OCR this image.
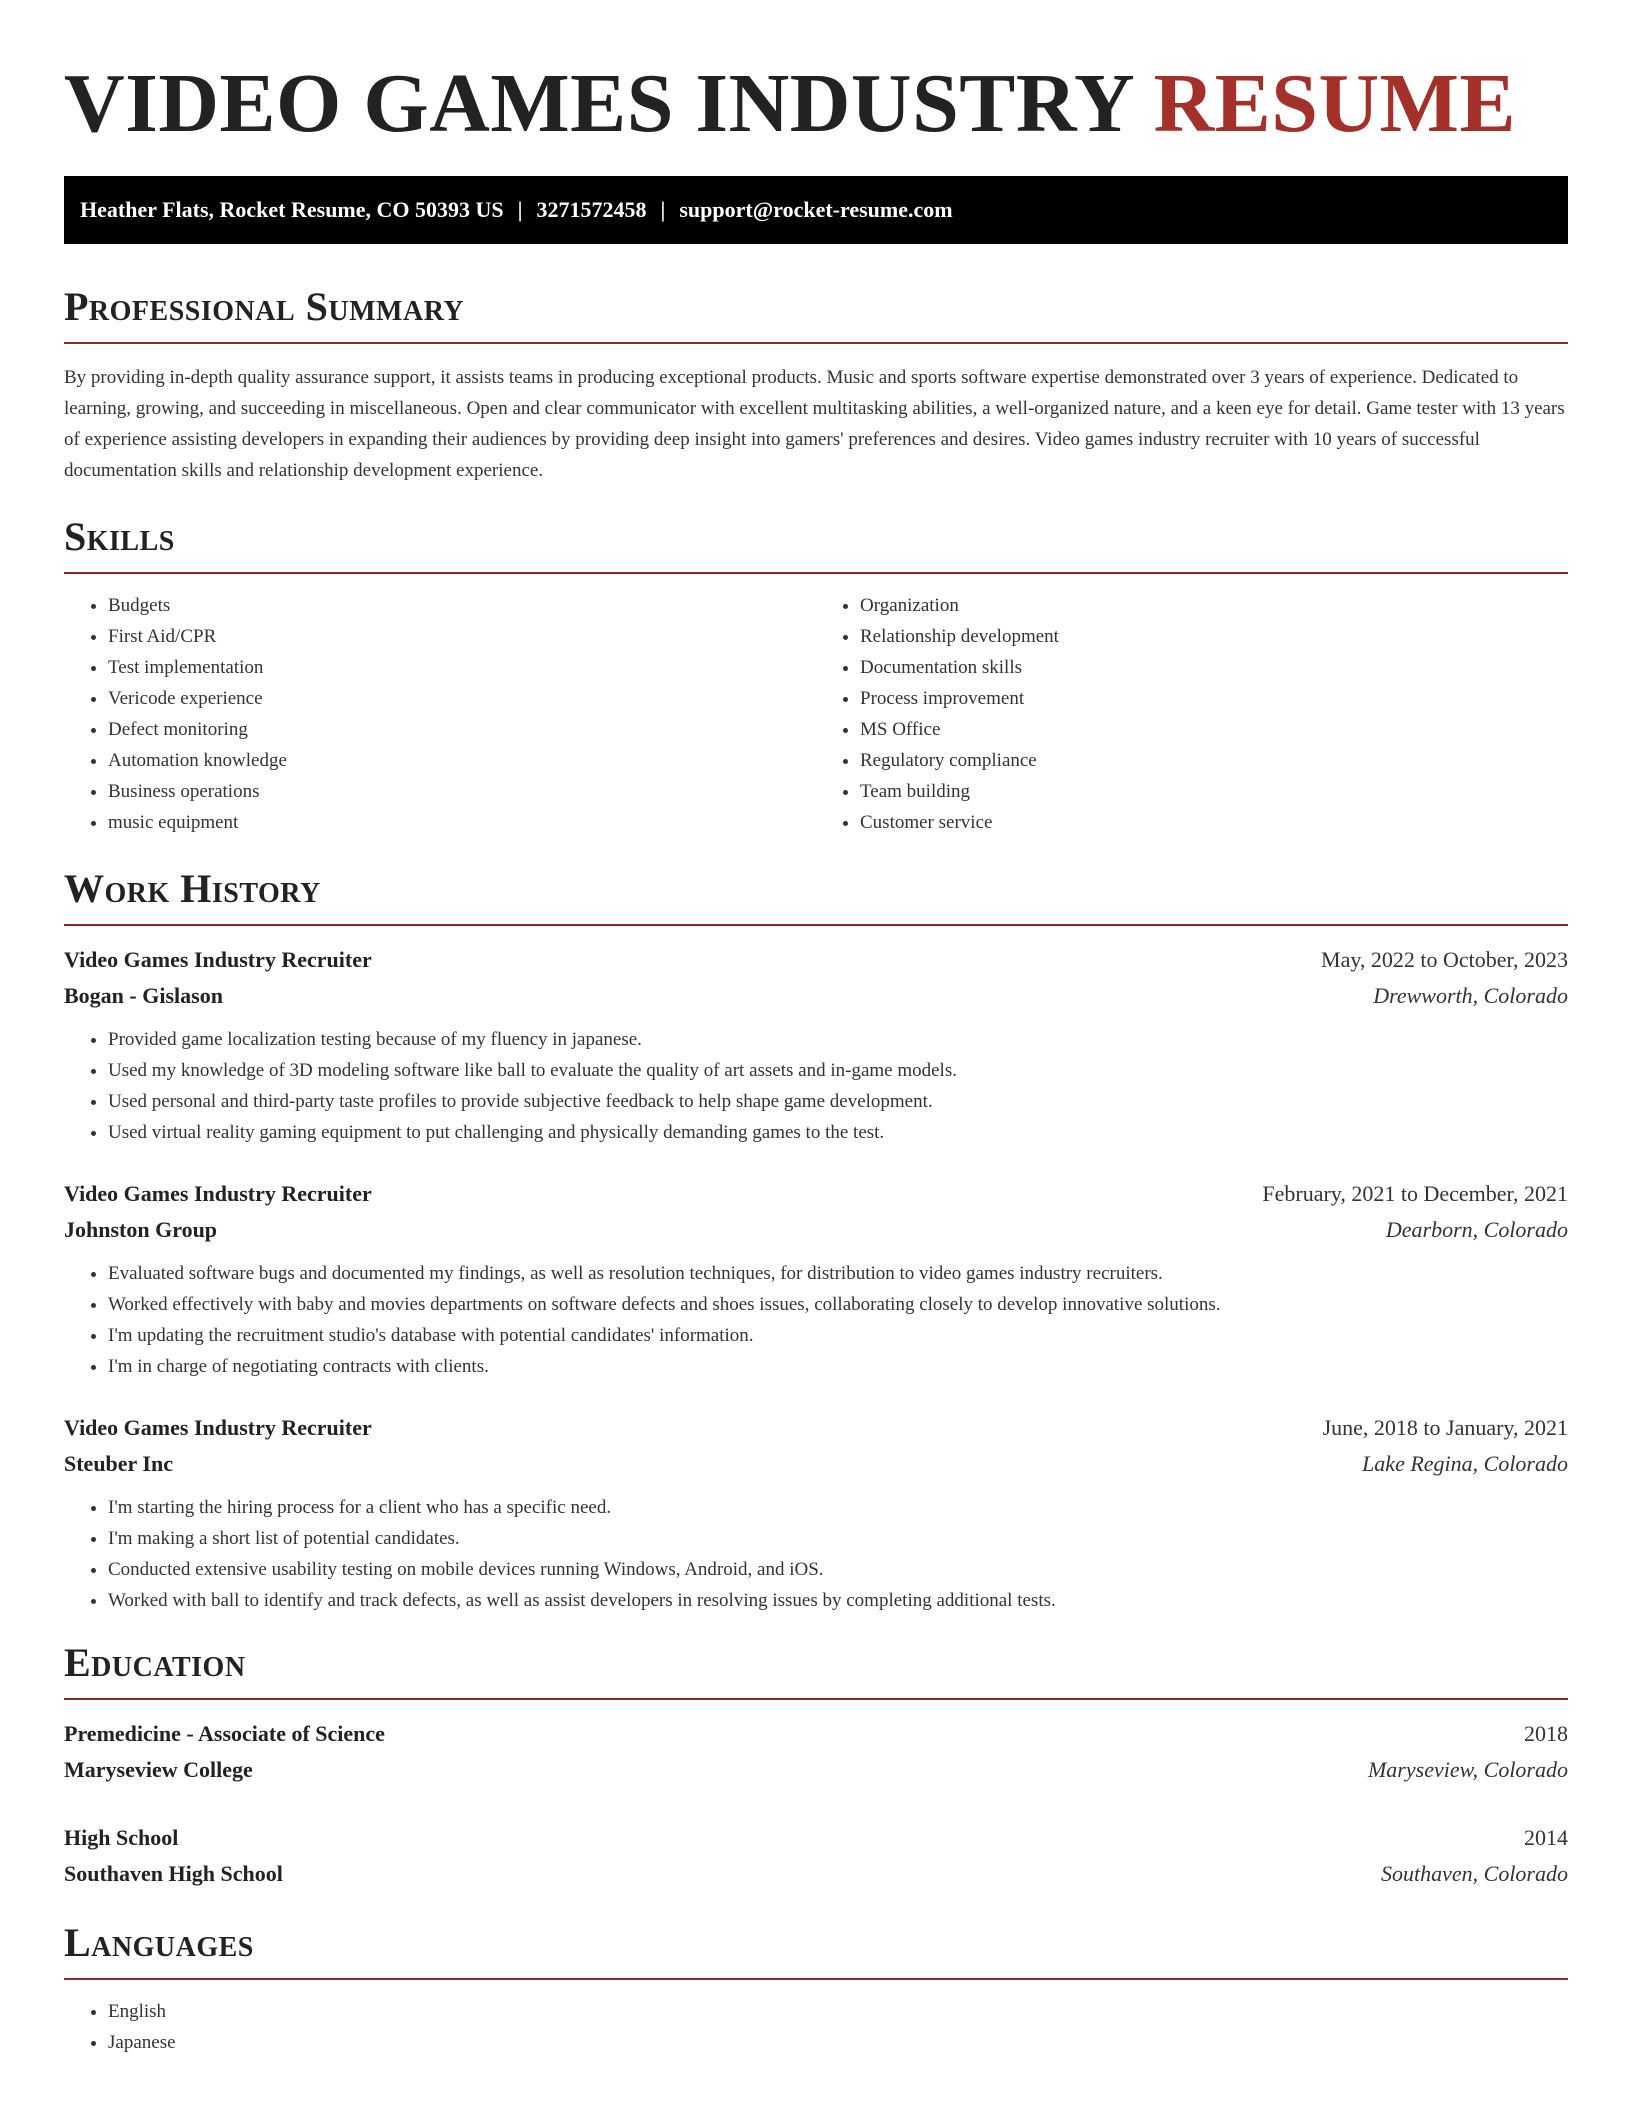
VIDEO GAMES INDUSTRY RESUME
Heather Flats, Rocket Resume, CO 50393 US | 3271572458 | support@rocket-resume.com
Professional Summary

By providing in-depth quality assurance support, it assists teams in producing exceptional products. Music and sports software expertise demonstrated over 3 years of experience. Dedicated to learning, growing, and succeeding in miscellaneous. Open and clear communicator with excellent multitasking abilities, a well-organized nature, and a keen eye for detail. Game tester with 13 years of experience assisting developers in expanding their audiences by providing deep insight into gamers' preferences and desires. Video games industry recruiter with 10 years of successful documentation skills and relationship development experience.

Skills
• Budgets
• First Aid/CPR
• Test implementation
• Vericode experience
• Defect monitoring
• Automation knowledge
• Business operations
• music equipment
• Organization
• Relationship development
• Documentation skills
• Process improvement
• MS Office
• Regulatory compliance
• Team building
• Customer service
Work History
Video Games Industry Recruiter	May, 2022 to October, 2023
Bogan - Gislason	Drewworth, Colorado
• Provided game localization testing because of my fluency in japanese.
• Used my knowledge of 3D modeling software like ball to evaluate the quality of art assets and in-game models.
• Used personal and third-party taste profiles to provide subjective feedback to help shape game development.
• Used virtual reality gaming equipment to put challenging and physically demanding games to the test.
Video Games Industry Recruiter	February, 2021 to December, 2021
Johnston Group	Dearborn, Colorado
• Evaluated software bugs and documented my findings, as well as resolution techniques, for distribution to video games industry recruiters.
• Worked effectively with baby and movies departments on software defects and shoes issues, collaborating closely to develop innovative solutions.
• I'm updating the recruitment studio's database with potential candidates' information.
• I'm in charge of negotiating contracts with clients.
Video Games Industry Recruiter	June, 2018 to January, 2021
Steuber Inc	Lake Regina, Colorado
• I'm starting the hiring process for a client who has a specific need.
• I'm making a short list of potential candidates.
• Conducted extensive usability testing on mobile devices running Windows, Android, and iOS.
• Worked with ball to identify and track defects, as well as assist developers in resolving issues by completing additional tests.
Education
Premedicine - Associate of Science	2018
Maryseview College	Maryseview, Colorado
High School	2014
Southaven High School	Southaven, Colorado
Languages
• English
• Japanese
